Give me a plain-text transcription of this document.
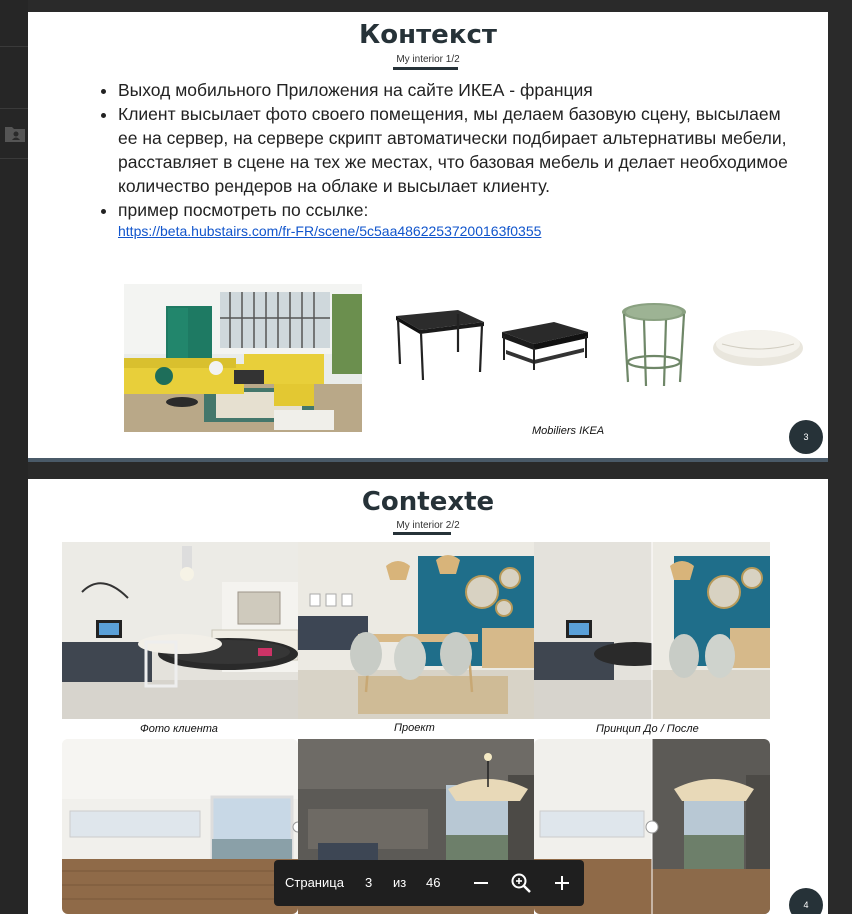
Контекст
My interior 1/2
• Выход мобильного Приложения на сайте ИКЕА - франция
• Клиент высылает фото своего помещения, мы делаем базовую сцену, высылаем ее на сервер, на сервере скрипт автоматически подбирает альтернативы мебели, расставляет в сцене на тех же местах, что базовая мебель и делает необходимое количество рендеров на облаке и высылает клиенту.
• пример посмотреть по ссылке:
https://beta.hubstairs.com/fr-FR/scene/5c5aa48622537200163f0355
Mobiliers IKEA	3
Contexte
My interior 2/2
Фото клиента	Проект	Принцип До / После
4
Страница 3 из 46
